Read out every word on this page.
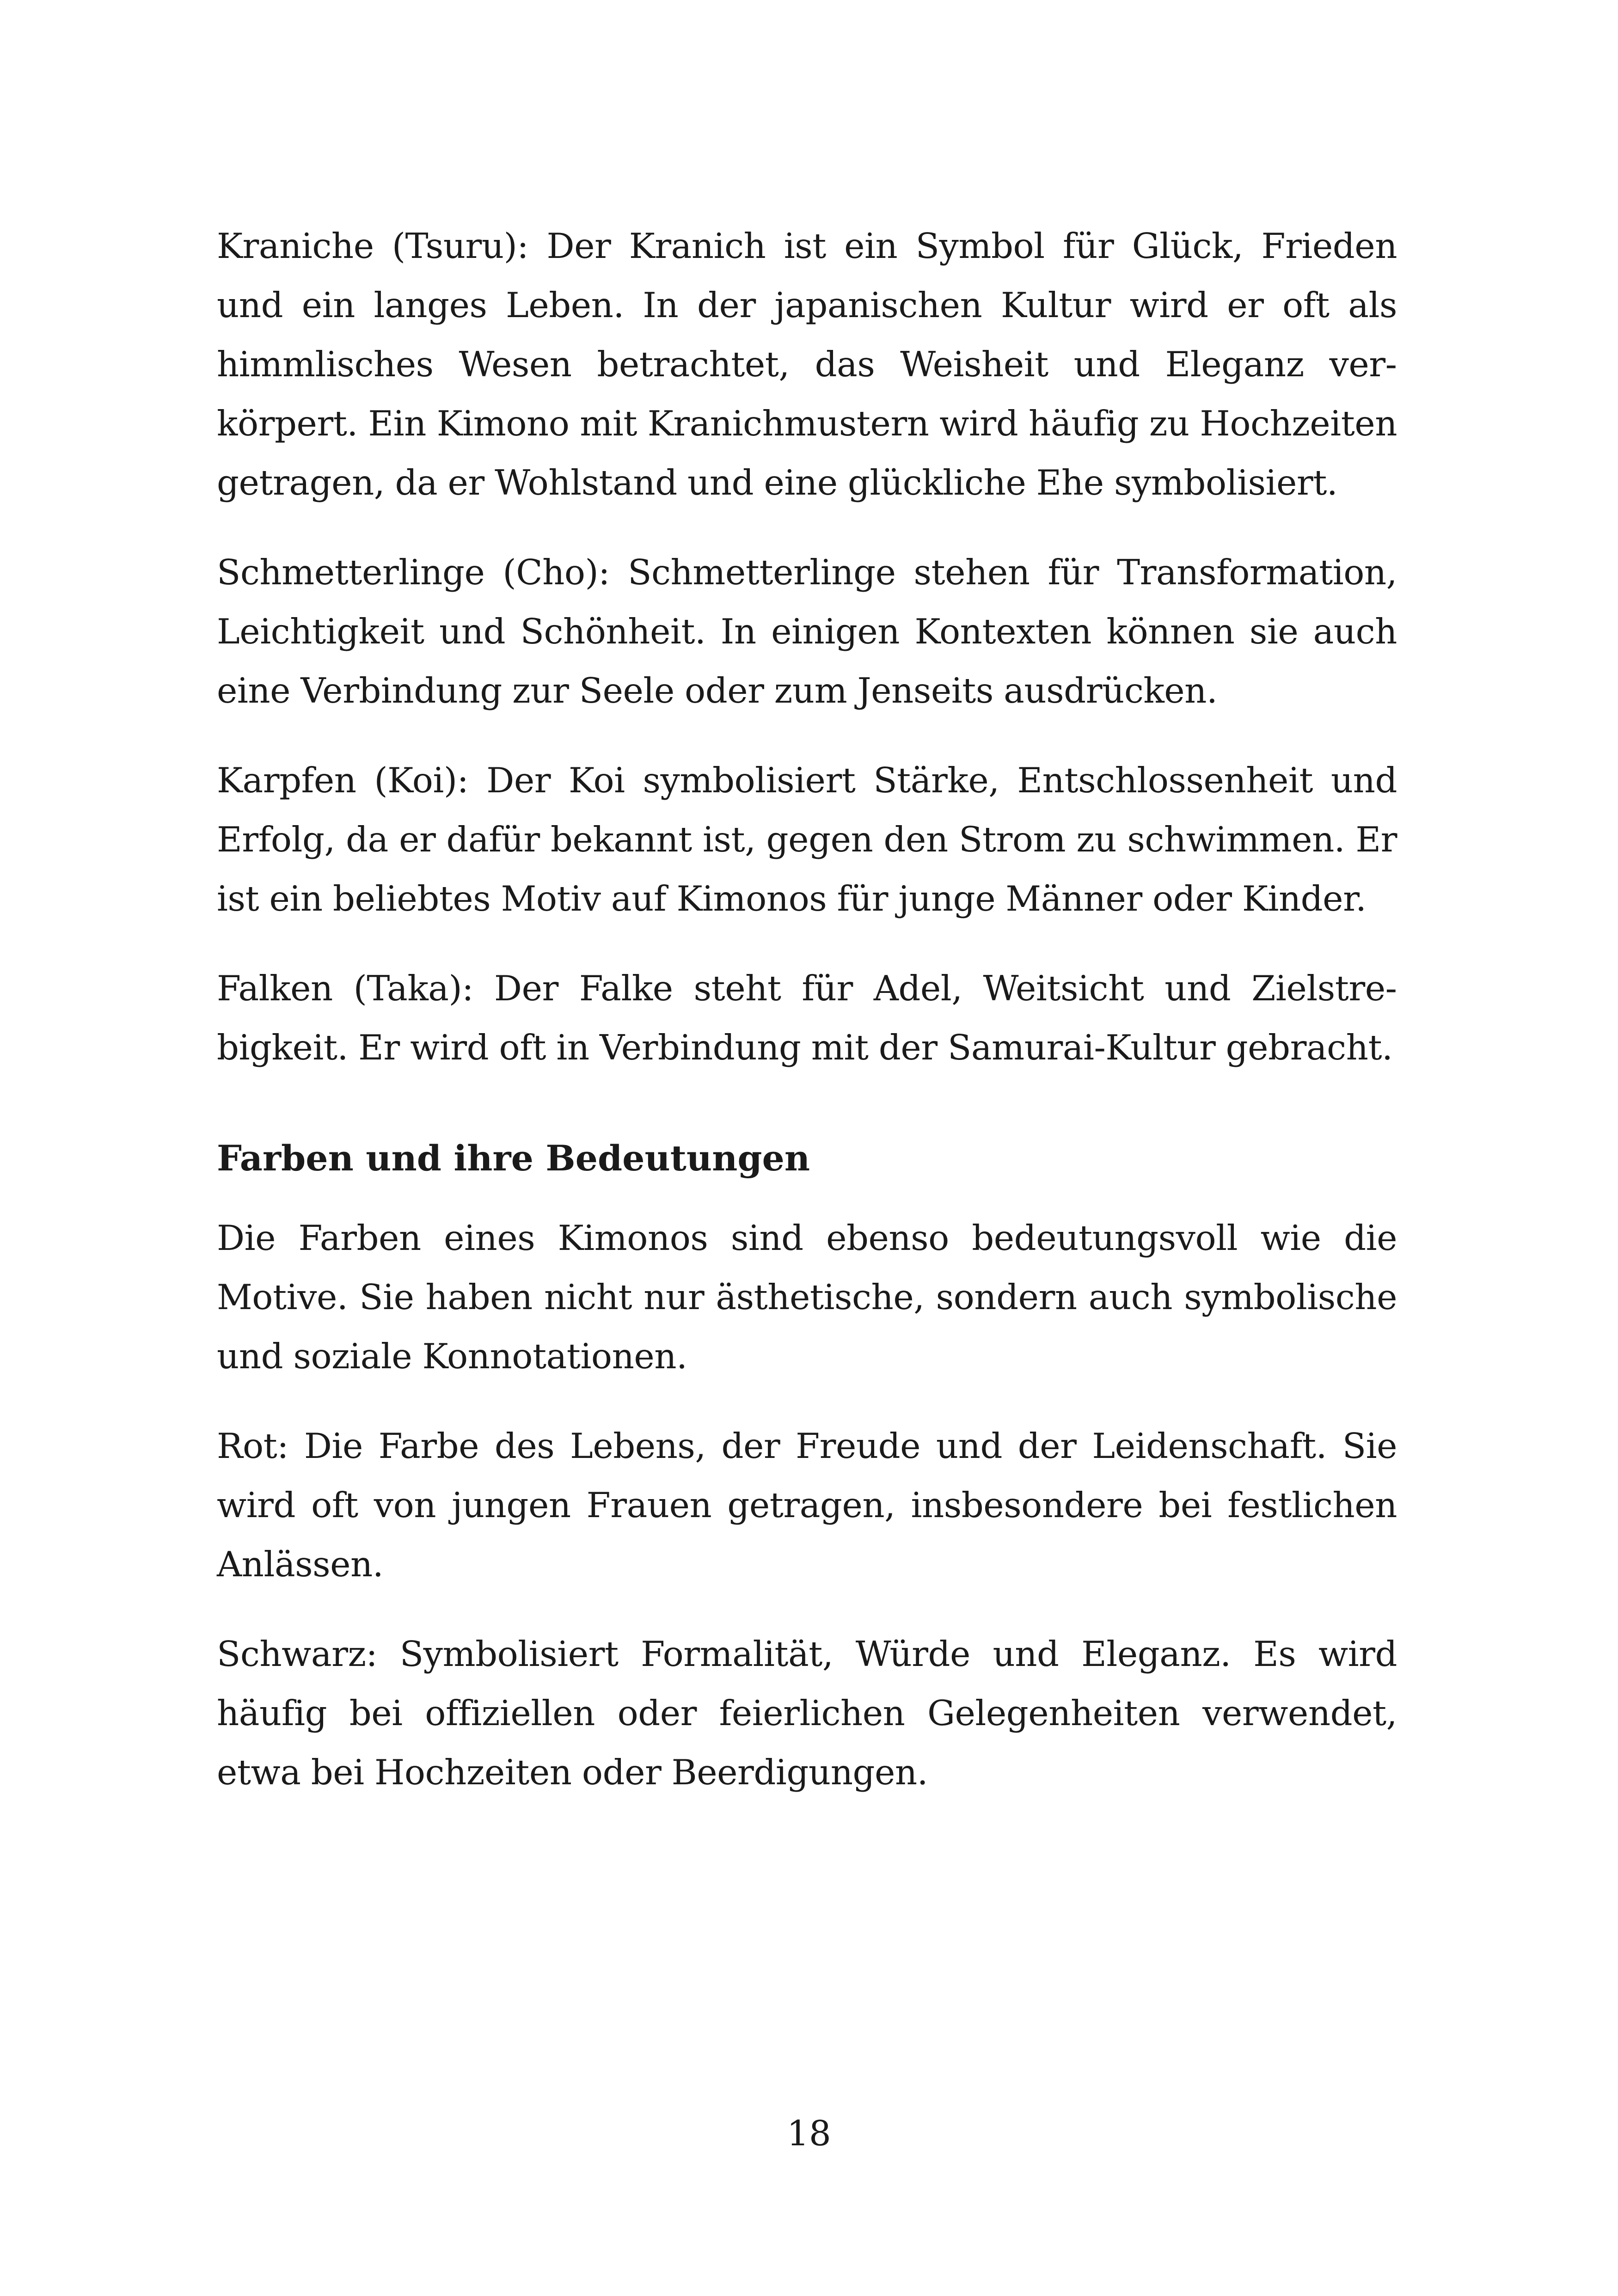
Kraniche (Tsuru): Der Kranich ist ein Symbol für Glück, Frieden und ein langes Leben. In der japanischen Kultur wird er oft als himmlisches Wesen betrachtet, das Weisheit und Eleganz verkörpert. Ein Kimono mit Kranichmustern wird häufig zu Hochzeiten getragen, da er Wohlstand und eine glückliche Ehe symbolisiert.

Schmetterlinge (Cho): Schmetterlinge stehen für Transformation, Leichtigkeit und Schönheit. In einigen Kontexten können sie auch eine Verbindung zur Seele oder zum Jenseits ausdrücken.

Karpfen (Koi): Der Koi symbolisiert Stärke, Entschlossenheit und Erfolg, da er dafür bekannt ist, gegen den Strom zu schwimmen. Er ist ein beliebtes Motiv auf Kimonos für junge Männer oder Kinder.

Falken (Taka): Der Falke steht für Adel, Weitsicht und Zielstrebigkeit. Er wird oft in Verbindung mit der Samurai-Kultur gebracht.

Farben und ihre Bedeutungen

Die Farben eines Kimonos sind ebenso bedeutungsvoll wie die Motive. Sie haben nicht nur ästhetische, sondern auch symbolische und soziale Konnotationen.

Rot: Die Farbe des Lebens, der Freude und der Leidenschaft. Sie wird oft von jungen Frauen getragen, insbesondere bei festlichen Anlässen.

Schwarz: Symbolisiert Formalität, Würde und Eleganz. Es wird häufig bei offiziellen oder feierlichen Gelegenheiten verwendet, etwa bei Hochzeiten oder Beerdigungen.

18
